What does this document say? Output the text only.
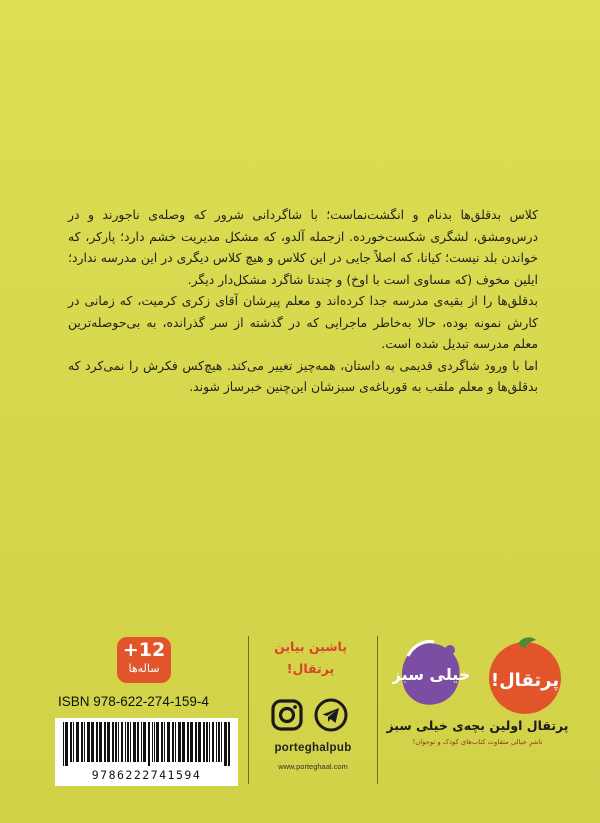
کلاس بدقلق‌ها بدنام و انگشت‌نماست؛ با شاگردانی شرور که وصله‌ی ناجورند و در درس‌ومشق، لشگری شکست‌خورده. ازجمله آلدو، که مشکل مدیریت خشم دارد؛ پارکر، که خواندن بلد نیست؛ کیانا، که اصلاً جایی در این کلاس و هیچ کلاس دیگری در این مدرسه ندارد؛ ایلین مخوف (که مساوی است با اوخ) و چندتا شاگرد مشکل‌دار دیگر.

بدقلق‌ها را از بقیه‌ی مدرسه جدا کرده‌اند و معلم پیرشان آقای زکری کرمیت، که زمانی در کارش نمونه بوده، حالا به‌خاطر ماجرایی که در گذشته از سر گذرانده، به بی‌حوصله‌ترین معلم مدرسه تبدیل شده است.

اما با ورود شاگردی قدیمی به داستان، همه‌چیز تغییر می‌کند. هیچ‌کس فکرش را نمی‌کرد که بدقلق‌ها و معلم ملقب به قورباغه‌ی سبزشان این‌چنین خبرساز شوند.

+12
ساله‌ها
ISBN 978-622-274-159-4
9786222741594
پاشین بیاین
پرتقال!
porteghalpub
www.porteghaal.com
خیلی سبز پرتقال!
پرتقال اولین بچه‌ی خیلی سبز
ناشرِ خیالی متفاوت کتاب‌های کودک و نوجوان!
